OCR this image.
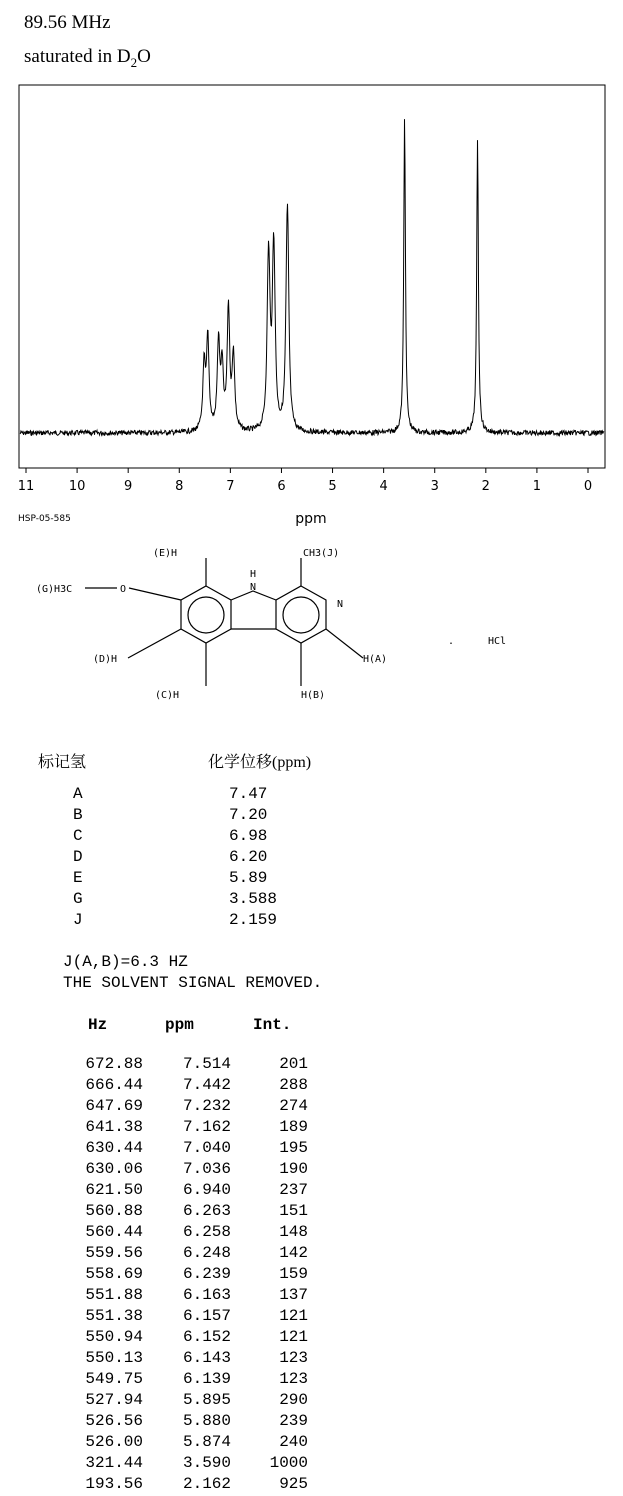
89.56 MHz
saturated in $D_2O$
11	10	9	8	7	6	5	4	3	2	1	0
ppm
HSP-05-585
(E)H	CH3(J)
(G)H3C	O
H
N
N
(D)H
(C)H	H(B)
H(A)
.	HCl
标记氢	化学位移(ppm)
A	7.47
B	7.20
C	6.98
D	6.20
E	5.89
G	3.588
J	2.159
J(A,B)=6.3 HZ
THE SOLVENT SIGNAL REMOVED.
Hz	ppm	Int.
672.88	7.514	201
666.44	7.442	288
647.69	7.232	274
641.38	7.162	189
630.44	7.040	195
630.06	7.036	190
621.50	6.940	237
560.88	6.263	151
560.44	6.258	148
559.56	6.248	142
558.69	6.239	159
551.88	6.163	137
551.38	6.157	121
550.94	6.152	121
550.13	6.143	123
549.75	6.139	123
527.94	5.895	290
526.56	5.880	239
526.00	5.874	240
321.44	3.590	1000
193.56	2.162	925
